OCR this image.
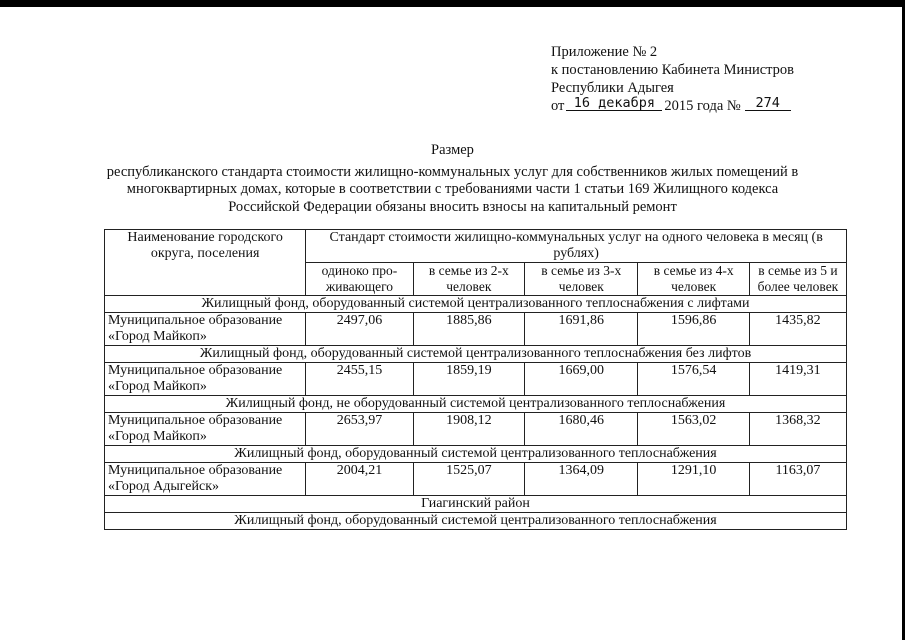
Приложение № 2
к постановлению Кабинета Министров
Республики Адыгея
от 16 декабря 2015 года № 274
Размер
республиканского стандарта стоимости жилищно-коммунальных услуг для собственников жилых помещений в
многоквартирных домах, которые в соответствии с требованиями части 1 статьи 169 Жилищного кодекса
Российской Федерации обязаны вносить взносы на капитальный ремонт
Наименование городского округа, поселения	Стандарт стоимости жилищно-коммунальных услуг на одного человека в месяц (в рублях)				
	одиноко про-живающего	в семье из 2-х человек	в семье из 3-х человек	в семье из 4-х человек	в семье из 5 и более человек
Жилищный фонд, оборудованный системой централизованного теплоснабжения с лифтами					
Муниципальное образование «Город Майкоп»	2497,06	1885,86	1691,86	1596,86	1435,82
Жилищный фонд, оборудованный системой централизованного теплоснабжения без лифтов					
Муниципальное образование «Город Майкоп»	2455,15	1859,19	1669,00	1576,54	1419,31
Жилищный фонд, не оборудованный системой централизованного теплоснабжения					
Муниципальное образование «Город Майкоп»	2653,97	1908,12	1680,46	1563,02	1368,32
Жилищный фонд, оборудованный системой централизованного теплоснабжения					
Муниципальное образование «Город Адыгейск»	2004,21	1525,07	1364,09	1291,10	1163,07
Гиагинский район					
Жилищный фонд, оборудованный системой централизованного теплоснабжения					
